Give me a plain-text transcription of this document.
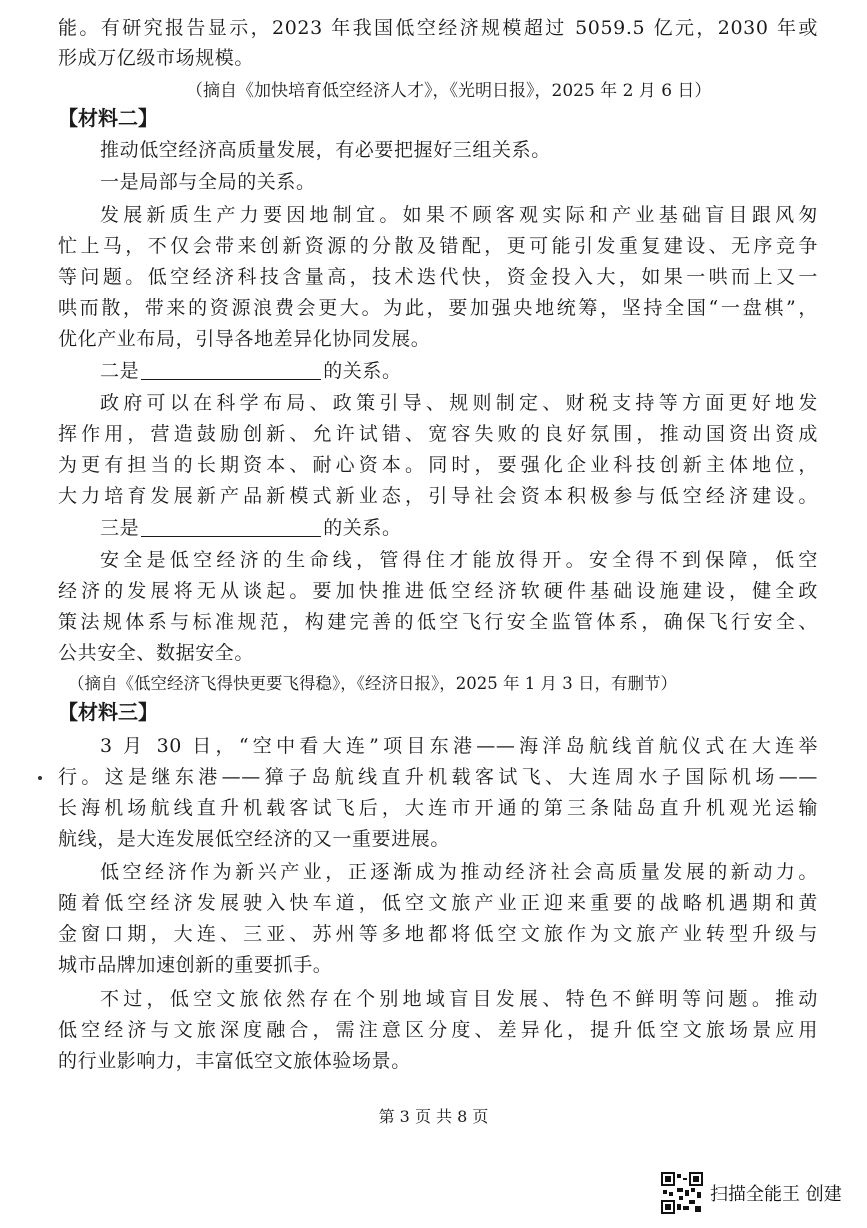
能。有研究报告显示，2023 年我国低空经济规模超过 5059.5 亿元，2030 年或
形成万亿级市场规模。
（摘自《加快培育低空经济人才》，《光明日报》，2025 年 2 月 6 日）
【材料二】
推动低空经济高质量发展，有必要把握好三组关系。
一是局部与全局的关系。
发展新质生产力要因地制宜。如果不顾客观实际和产业基础盲目跟风匆
忙上马，不仅会带来创新资源的分散及错配，更可能引发重复建设、无序竞争
等问题。低空经济科技含量高，技术迭代快，资金投入大，如果一哄而上又一
哄而散，带来的资源浪费会更大。为此，要加强央地统筹，坚持全国“一盘棋”，
优化产业布局，引导各地差异化协同发展。
二是	的关系。
政府可以在科学布局、政策引导、规则制定、财税支持等方面更好地发
挥作用，营造鼓励创新、允许试错、宽容失败的良好氛围，推动国资出资成
为更有担当的长期资本、耐心资本。同时，要强化企业科技创新主体地位，
大力培育发展新产品新模式新业态，引导社会资本积极参与低空经济建设。
三是	的关系。
安全是低空经济的生命线，管得住才能放得开。安全得不到保障，低空
经济的发展将无从谈起。要加快推进低空经济软硬件基础设施建设，健全政
策法规体系与标准规范，构建完善的低空飞行安全监管体系，确保飞行安全、
公共安全、数据安全。
（摘自《低空经济飞得快更要飞得稳》，《经济日报》，2025 年 1 月 3 日，有删节）
【材料三】
3 月 30 日，“空中看大连”项目东港——海洋岛航线首航仪式在大连举
行。这是继东港——獐子岛航线直升机载客试飞、大连周水子国际机场——
长海机场航线直升机载客试飞后，大连市开通的第三条陆岛直升机观光运输
航线，是大连发展低空经济的又一重要进展。
低空经济作为新兴产业，正逐渐成为推动经济社会高质量发展的新动力。
随着低空经济发展驶入快车道，低空文旅产业正迎来重要的战略机遇期和黄
金窗口期，大连、三亚、苏州等多地都将低空文旅作为文旅产业转型升级与
城市品牌加速创新的重要抓手。
不过，低空文旅依然存在个别地域盲目发展、特色不鲜明等问题。推动
低空经济与文旅深度融合，需注意区分度、差异化，提升低空文旅场景应用
的行业影响力，丰富低空文旅体验场景。
第 3 页 共 8 页
扫描全能王 创建
